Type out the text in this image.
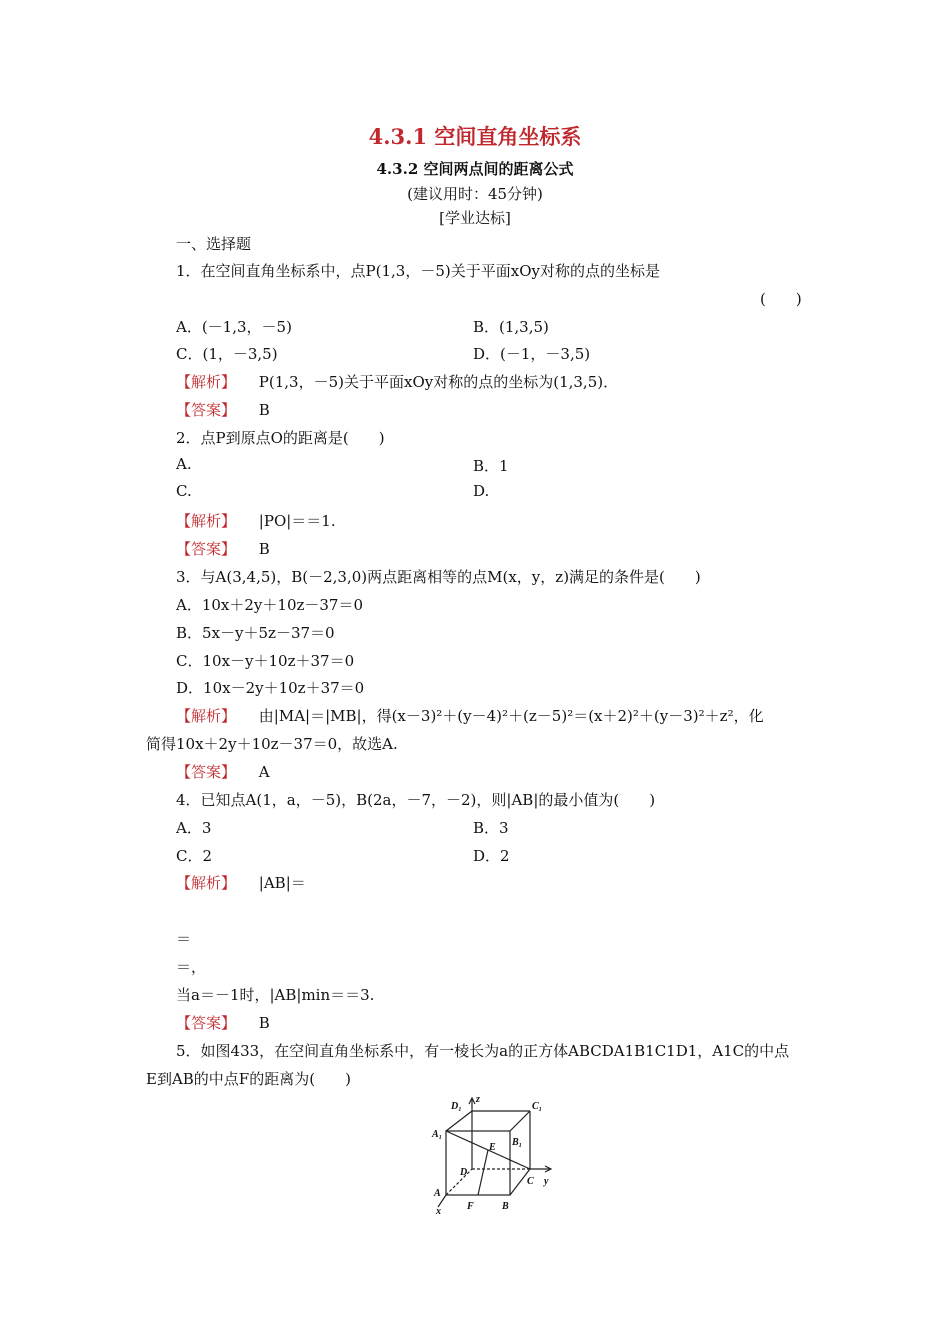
4.3.1 空间直角坐标系
4.3.2 空间两点间的距离公式
(建议用时：45分钟)
[学业达标]
一、选择题
1．在空间直角坐标系中，点P(1,3，－5)关于平面xOy对称的点的坐标是
(　　)
A．(－1,3，－5)	B．(1,3,5)
C．(1，－3,5)	D．(－1，－3,5)
【解析】 P(1,3，－5)关于平面xOy对称的点的坐标为(1,3,5)．
【答案】 B
2．点P到原点O的距离是(　　)
A.	B．1
C.	D.
【解析】 |PO|＝＝1.
【答案】 B
3．与A(3,4,5)，B(－2,3,0)两点距离相等的点M(x，y，z)满足的条件是(　　)
A．10x＋2y＋10z－37＝0
B．5x－y＋5z－37＝0
C．10x－y＋10z＋37＝0
D．10x－2y＋10z＋37＝0
【解析】 由|MA|＝|MB|，得(x－3)²＋(y－4)²＋(z－5)²＝(x＋2)²＋(y－3)²＋z²，化
简得10x＋2y＋10z－37＝0，故选A.
【答案】 A
4．已知点A(1，a，－5)，B(2a，－7，－2)，则|AB|的最小值为(　　)
A．3	B．3
C．2	D．2
【解析】 |AB|＝
＝
＝，
当a＝－1时，|AB|min＝＝3.
【答案】 B
5．如图433，在空间直角坐标系中，有一棱长为a的正方体ABCDA1B1C1D1，A1C的中点
E到AB的中点F的距离为(　　)
D₁
z
C₁
A₁
B₁
E
D
C y
A
x	F	B
